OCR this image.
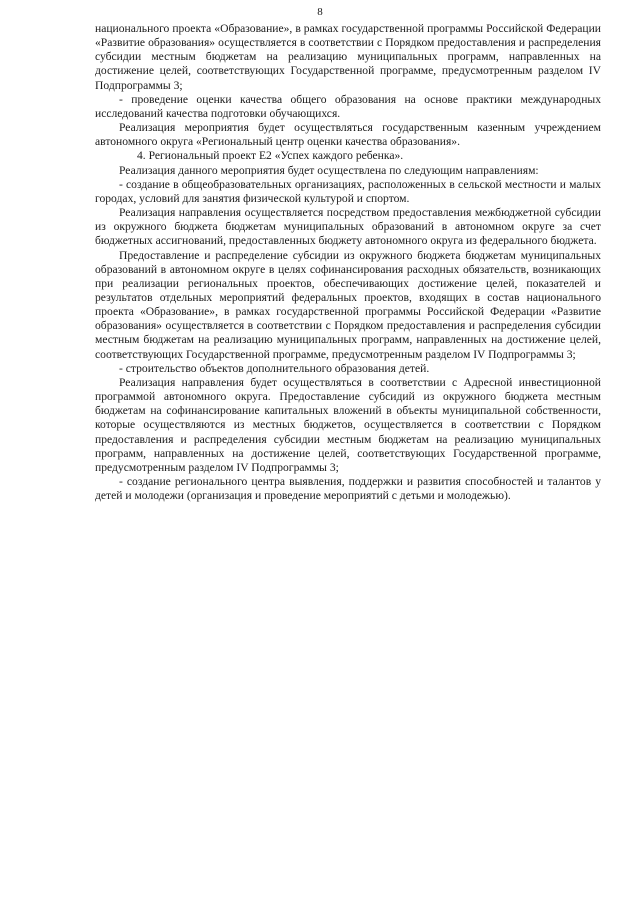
8

национального проекта «Образование», в рамках государственной программы Российской Федерации «Развитие образования» осуществляется в соответствии с Порядком предоставления и распределения субсидии местным бюджетам на реализацию муниципальных программ, направленных на достижение целей, соответствующих Государственной программе, предусмотренным разделом IV Подпрограммы 3;

- проведение оценки качества общего образования на основе практики международных исследований качества подготовки обучающихся.

Реализация мероприятия будет осуществляться государственным казенным учреждением автономного округа «Региональный центр оценки качества образования».

4. Региональный проект Е2 «Успех каждого ребенка».

Реализация данного мероприятия будет осуществлена по следующим направлениям:

- создание в общеобразовательных организациях, расположенных в сельской местности и малых городах, условий для занятия физической культурой и спортом.

Реализация направления осуществляется посредством предоставления межбюджетной субсидии из окружного бюджета бюджетам муниципальных образований в автономном округе за счет бюджетных ассигнований, предоставленных бюджету автономного округа из федерального бюджета.

Предоставление и распределение субсидии из окружного бюджета бюджетам муниципальных образований в автономном округе в целях софинансирования расходных обязательств, возникающих при реализации региональных проектов, обеспечивающих достижение целей, показателей и результатов отдельных мероприятий федеральных проектов, входящих в состав национального проекта «Образование», в рамках государственной программы Российской Федерации «Развитие образования» осуществляется в соответствии с Порядком предоставления и распределения субсидии местным бюджетам на реализацию муниципальных программ, направленных на достижение целей, соответствующих Государственной программе, предусмотренным разделом IV Подпрограммы 3;

- строительство объектов дополнительного образования детей.

Реализация направления будет осуществляться в соответствии с Адресной инвестиционной программой автономного округа. Предоставление субсидий из окружного бюджета местным бюджетам на софинансирование капитальных вложений в объекты муниципальной собственности, которые осуществляются из местных бюджетов, осуществляется в соответствии с Порядком предоставления и распределения субсидии местным бюджетам на реализацию муниципальных программ, направленных на достижение целей, соответствующих Государственной программе, предусмотренным разделом IV Подпрограммы 3;

- создание регионального центра выявления, поддержки и развития способностей и талантов у детей и молодежи (организация и проведение мероприятий с детьми и молодежью).
